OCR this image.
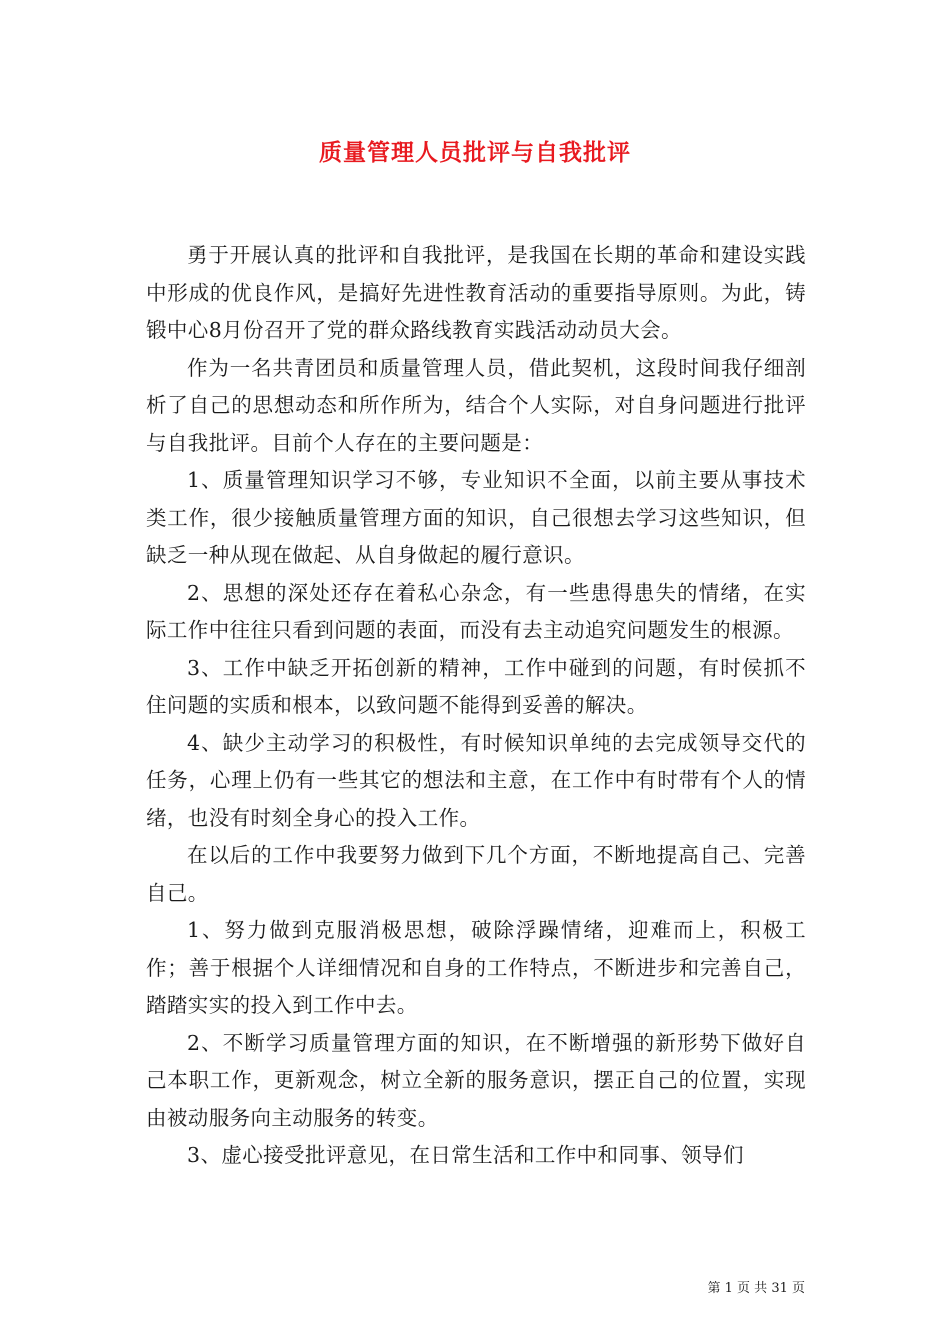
质量管理人员批评与自我批评

勇于开展认真的批评和自我批评，是我国在长期的革命和建设实践中形成的优良作风，是搞好先进性教育活动的重要指导原则。为此，铸锻中心8月份召开了党的群众路线教育实践活动动员大会。

作为一名共青团员和质量管理人员，借此契机，这段时间我仔细剖析了自己的思想动态和所作所为，结合个人实际，对自身问题进行批评与自我批评。目前个人存在的主要问题是：

1、质量管理知识学习不够，专业知识不全面，以前主要从事技术类工作，很少接触质量管理方面的知识，自己很想去学习这些知识，但缺乏一种从现在做起、从自身做起的履行意识。

2、思想的深处还存在着私心杂念，有一些患得患失的情绪，在实际工作中往往只看到问题的表面，而没有去主动追究问题发生的根源。

3、工作中缺乏开拓创新的精神，工作中碰到的问题，有时侯抓不住问题的实质和根本，以致问题不能得到妥善的解决。

4、缺少主动学习的积极性，有时候知识单纯的去完成领导交代的任务，心理上仍有一些其它的想法和主意，在工作中有时带有个人的情绪，也没有时刻全身心的投入工作。

在以后的工作中我要努力做到下几个方面，不断地提高自己、完善自己。

1、努力做到克服消极思想，破除浮躁情绪，迎难而上，积极工作；善于根据个人详细情况和自身的工作特点，不断进步和完善自己，踏踏实实的投入到工作中去。

2、不断学习质量管理方面的知识，在不断增强的新形势下做好自己本职工作，更新观念，树立全新的服务意识，摆正自己的位置，实现由被动服务向主动服务的转变。

3、虚心接受批评意见，在日常生活和工作中和同事、领导们

第 1 页 共 31 页
